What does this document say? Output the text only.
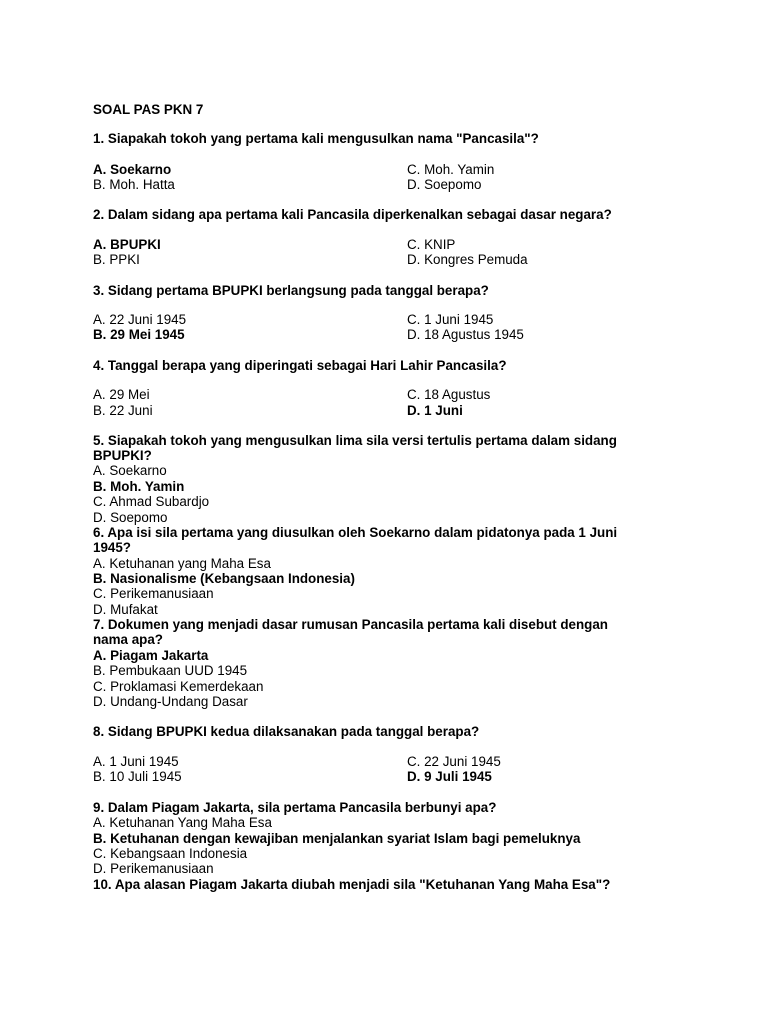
SOAL PAS PKN 7

1. Siapakah tokoh yang pertama kali mengusulkan nama "Pancasila"?

A. Soekarno

B. Moh. Hatta

C. Moh. Yamin

D. Soepomo

2. Dalam sidang apa pertama kali Pancasila diperkenalkan sebagai dasar negara?

A. BPUPKI

B. PPKI

C. KNIP

D. Kongres Pemuda

3. Sidang pertama BPUPKI berlangsung pada tanggal berapa?

A. 22 Juni 1945

B. 29 Mei 1945

C. 1 Juni 1945

D. 18 Agustus 1945

4. Tanggal berapa yang diperingati sebagai Hari Lahir Pancasila?

A. 29 Mei

B. 22 Juni

C. 18 Agustus

D. 1 Juni

5. Siapakah tokoh yang mengusulkan lima sila versi tertulis pertama dalam sidang

BPUPKI?

A. Soekarno

B. Moh. Yamin

C. Ahmad Subardjo

D. Soepomo

6. Apa isi sila pertama yang diusulkan oleh Soekarno dalam pidatonya pada 1 Juni

1945?

A. Ketuhanan yang Maha Esa

B. Nasionalisme (Kebangsaan Indonesia)

C. Perikemanusiaan

D. Mufakat

7. Dokumen yang menjadi dasar rumusan Pancasila pertama kali disebut dengan

nama apa?

A. Piagam Jakarta

B. Pembukaan UUD 1945

C. Proklamasi Kemerdekaan

D. Undang-Undang Dasar

8. Sidang BPUPKI kedua dilaksanakan pada tanggal berapa?

A. 1 Juni 1945

B. 10 Juli 1945

C. 22 Juni 1945

D. 9 Juli 1945

9. Dalam Piagam Jakarta, sila pertama Pancasila berbunyi apa?

A. Ketuhanan Yang Maha Esa

B. Ketuhanan dengan kewajiban menjalankan syariat Islam bagi pemeluknya

C. Kebangsaan Indonesia

D. Perikemanusiaan

10. Apa alasan Piagam Jakarta diubah menjadi sila "Ketuhanan Yang Maha Esa"?
